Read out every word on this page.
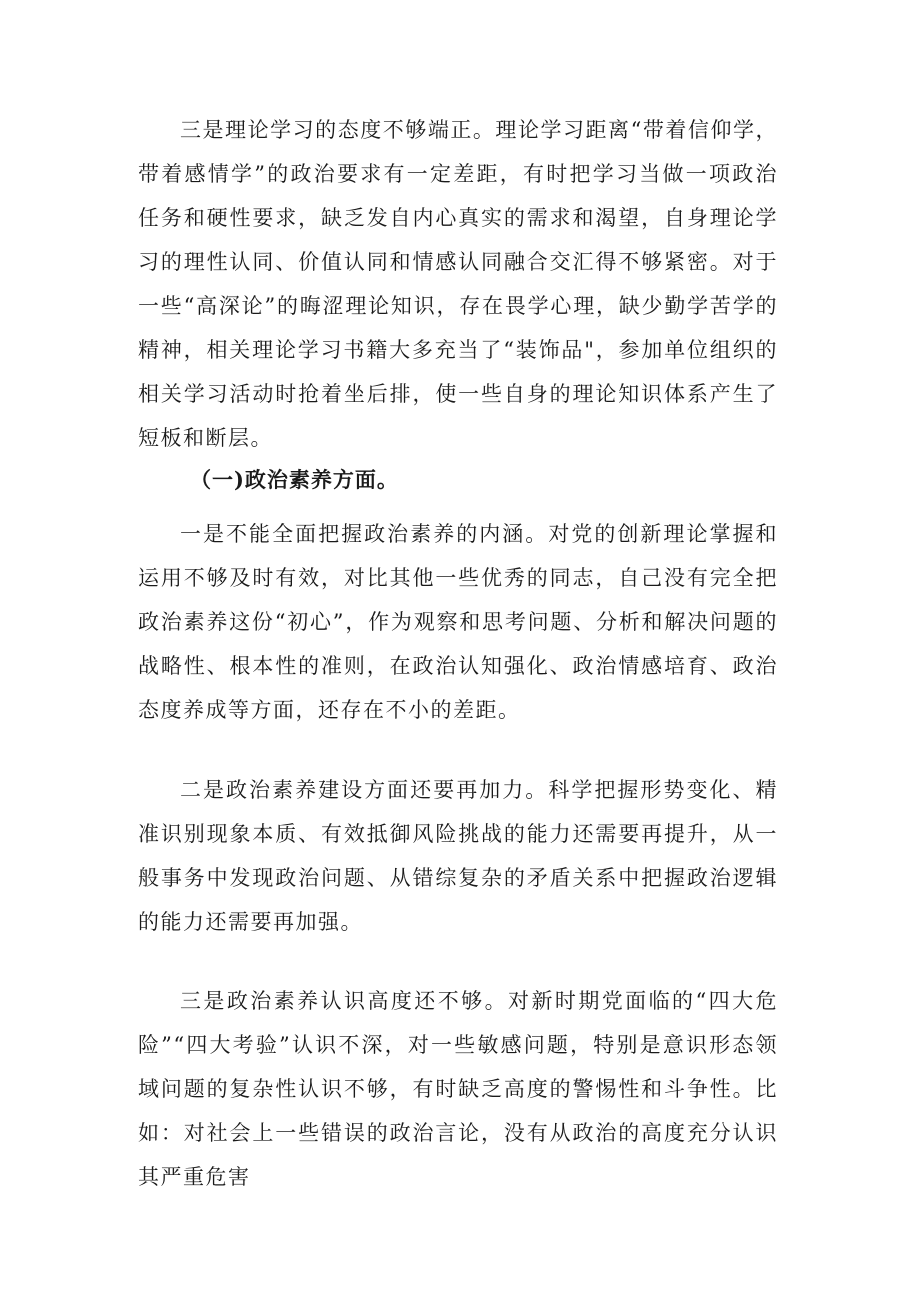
三是理论学习的态度不够端正。理论学习距离“带着信仰学，带着感情学”的政治要求有一定差距，有时把学习当做一项政治任务和硬性要求，缺乏发自内心真实的需求和渴望，自身理论学习的理性认同、价值认同和情感认同融合交汇得不够紧密。对于一些“高深论”的晦涩理论知识，存在畏学心理，缺少勤学苦学的精神，相关理论学习书籍大多充当了“装饰品"，参加单位组织的相关学习活动时抢着坐后排，使一些自身的理论知识体系产生了短板和断层。

（一)政治素养方面。

一是不能全面把握政治素养的内涵。对党的创新理论掌握和运用不够及时有效，对比其他一些优秀的同志，自己没有完全把政治素养这份“初心”，作为观察和思考问题、分析和解决问题的战略性、根本性的准则，在政治认知强化、政治情感培育、政治态度养成等方面，还存在不小的差距。

二是政治素养建设方面还要再加力。科学把握形势变化、精准识别现象本质、有效抵御风险挑战的能力还需要再提升，从一般事务中发现政治问题、从错综复杂的矛盾关系中把握政治逻辑的能力还需要再加强。

三是政治素养认识高度还不够。对新时期党面临的“四大危险”“四大考验”认识不深，对一些敏感问题，特别是意识形态领域问题的复杂性认识不够，有时缺乏高度的警惕性和斗争性。比如：对社会上一些错误的政治言论，没有从政治的高度充分认识其严重危害
